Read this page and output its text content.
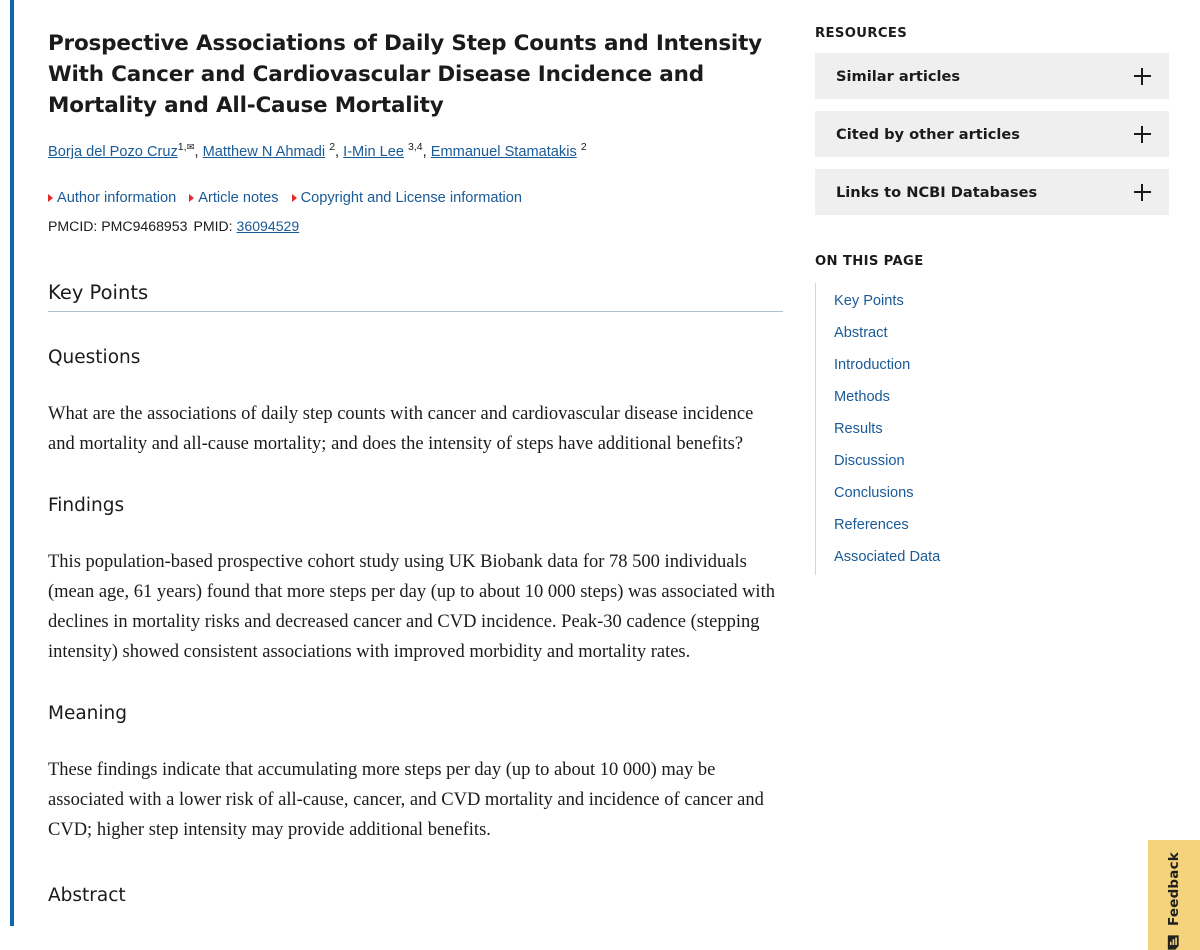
Prospective Associations of Daily Step Counts and Intensity With Cancer and Cardiovascular Disease Incidence and Mortality and All-Cause Mortality
Borja del Pozo Cruz$^{1,✉}$, Matthew N Ahmadi $^2$, I-Min Lee $^{3,4}$, Emmanuel Stamatakis $^2$
Author information Article notes Copyright and License information
PMCID: PMC9468953 PMID: 36094529
Key Points
Questions

What are the associations of daily step counts with cancer and cardiovascular disease incidence and mortality and all-cause mortality; and does the intensity of steps have additional benefits?

Findings

This population-based prospective cohort study using UK Biobank data for 78 500 individuals (mean age, 61 years) found that more steps per day (up to about 10 000 steps) was associated with declines in mortality risks and decreased cancer and CVD incidence. Peak-30 cadence (stepping intensity) showed consistent associations with improved morbidity and mortality rates.

Meaning

These findings indicate that accumulating more steps per day (up to about 10 000) may be associated with a lower risk of all-cause, cancer, and CVD mortality and incidence of cancer and CVD; higher step intensity may provide additional benefits.

Abstract
RESOURCES
Similar articles
Cited by other articles
Links to NCBI Databases
ON THIS PAGE
Key Points
Abstract
Introduction
Methods
Results
Discussion
Conclusions
References
Associated Data
Feedback
